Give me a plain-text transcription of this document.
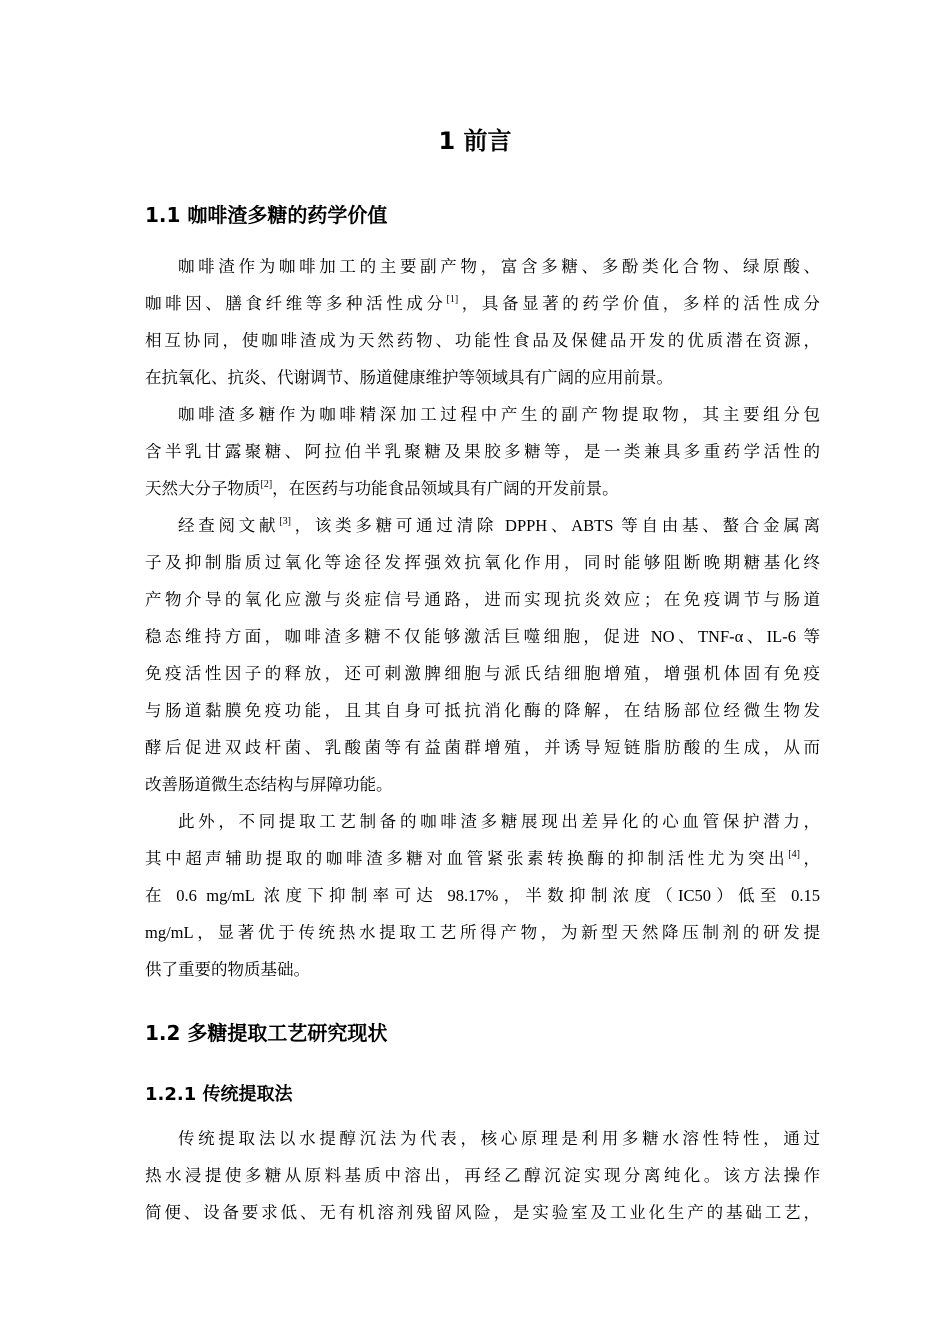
1 前言
1.1 咖啡渣多糖的药学价值
咖啡渣作为咖啡加工的主要副产物，富含多糖、多酚类化合物、绿原酸、
咖啡因、膳食纤维等多种活性成分[1]，具备显著的药学价值，多样的活性成分
相互协同，使咖啡渣成为天然药物、功能性食品及保健品开发的优质潜在资源，
在抗氧化、抗炎、代谢调节、肠道健康维护等领域具有广阔的应用前景。
咖啡渣多糖作为咖啡精深加工过程中产生的副产物提取物，其主要组分包
含半乳甘露聚糖、阿拉伯半乳聚糖及果胶多糖等，是一类兼具多重药学活性的
天然大分子物质[2]，在医药与功能食品领域具有广阔的开发前景。
经查阅文献[3]，该类多糖可通过清除 DPPH、ABTS 等自由基、螯合金属离
子及抑制脂质过氧化等途径发挥强效抗氧化作用，同时能够阻断晚期糖基化终
产物介导的氧化应激与炎症信号通路，进而实现抗炎效应；在免疫调节与肠道
稳态维持方面，咖啡渣多糖不仅能够激活巨噬细胞，促进 NO、TNF-α、IL-6 等
免疫活性因子的释放，还可刺激脾细胞与派氏结细胞增殖，增强机体固有免疫
与肠道黏膜免疫功能，且其自身可抵抗消化酶的降解，在结肠部位经微生物发
酵后促进双歧杆菌、乳酸菌等有益菌群增殖，并诱导短链脂肪酸的生成，从而
改善肠道微生态结构与屏障功能。
此外，不同提取工艺制备的咖啡渣多糖展现出差异化的心血管保护潜力，
其中超声辅助提取的咖啡渣多糖对血管紧张素转换酶的抑制活性尤为突出[4]，
在 0.6 mg/mL 浓度下抑制率可达 98.17%，半数抑制浓度（IC50）低至 0.15
mg/mL，显著优于传统热水提取工艺所得产物，为新型天然降压制剂的研发提
供了重要的物质基础。
1.2 多糖提取工艺研究现状
1.2.1 传统提取法
传统提取法以水提醇沉法为代表，核心原理是利用多糖水溶性特性，通过
热水浸提使多糖从原料基质中溶出，再经乙醇沉淀实现分离纯化。该方法操作
简便、设备要求低、无有机溶剂残留风险，是实验室及工业化生产的基础工艺，
